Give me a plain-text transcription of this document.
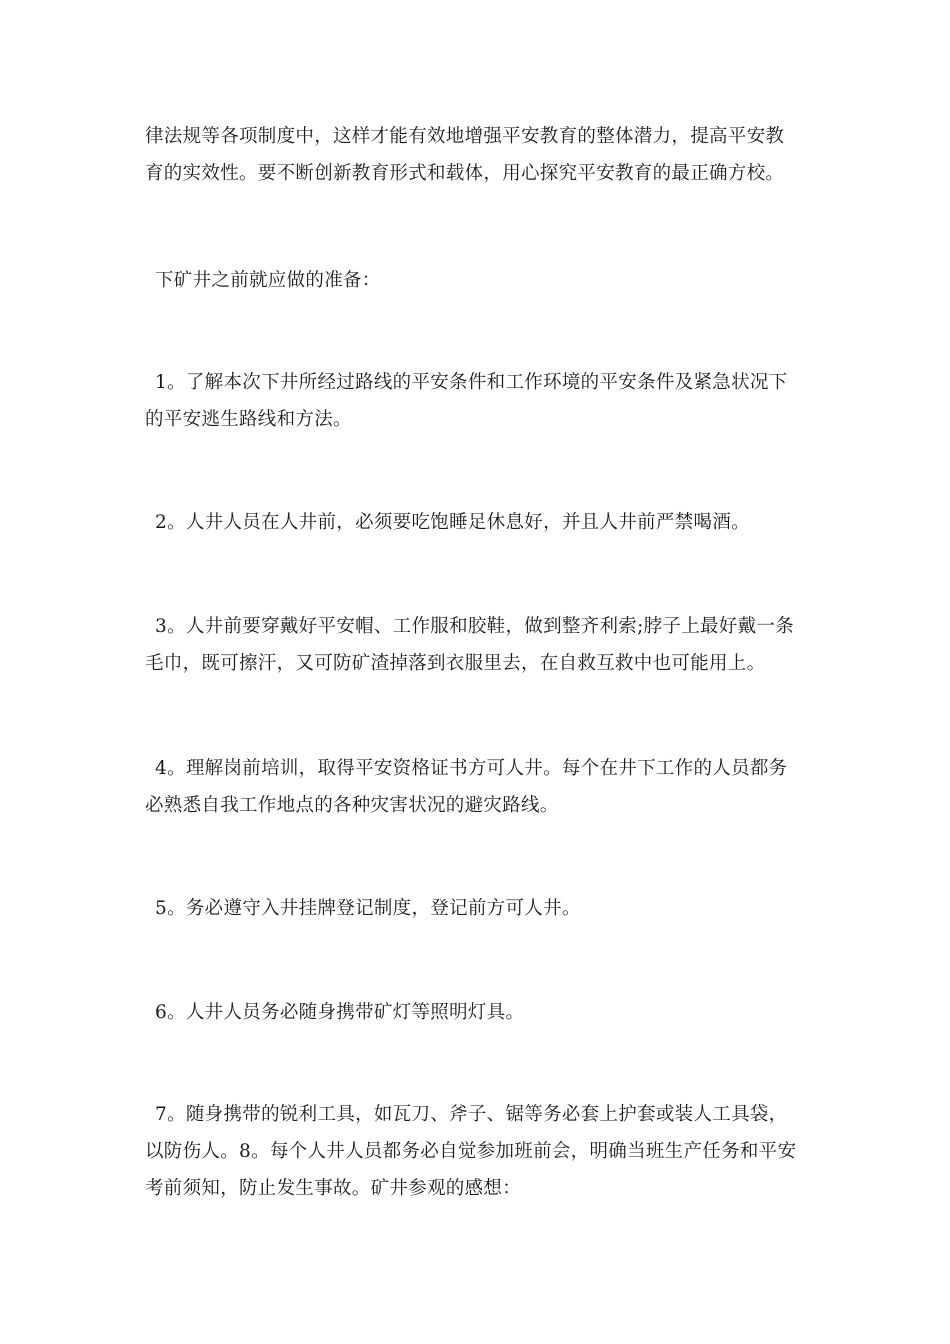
律法规等各项制度中，这样才能有效地增强平安教育的整体潜力，提高平安教
育的实效性。要不断创新教育形式和载体，用心探究平安教育的最正确方校。
下矿井之前就应做的准备：
1。了解本次下井所经过路线的平安条件和工作环境的平安条件及紧急状况下
的平安逃生路线和方法。
2。人井人员在人井前，必须要吃饱睡足休息好，并且人井前严禁喝酒。
3。人井前要穿戴好平安帽、工作服和胶鞋，做到整齐利索;脖子上最好戴一条
毛巾，既可擦汗，又可防矿渣掉落到衣服里去，在自救互救中也可能用上。
4。理解岗前培训，取得平安资格证书方可人井。每个在井下工作的人员都务
必熟悉自我工作地点的各种灾害状况的避灾路线。
5。务必遵守入井挂牌登记制度，登记前方可人井。
6。人井人员务必随身携带矿灯等照明灯具。
7。随身携带的锐利工具，如瓦刀、斧子、锯等务必套上护套或装人工具袋，
以防伤人。8。每个人井人员都务必自觉参加班前会，明确当班生产任务和平安
考前须知，防止发生事故。矿井参观的感想：
